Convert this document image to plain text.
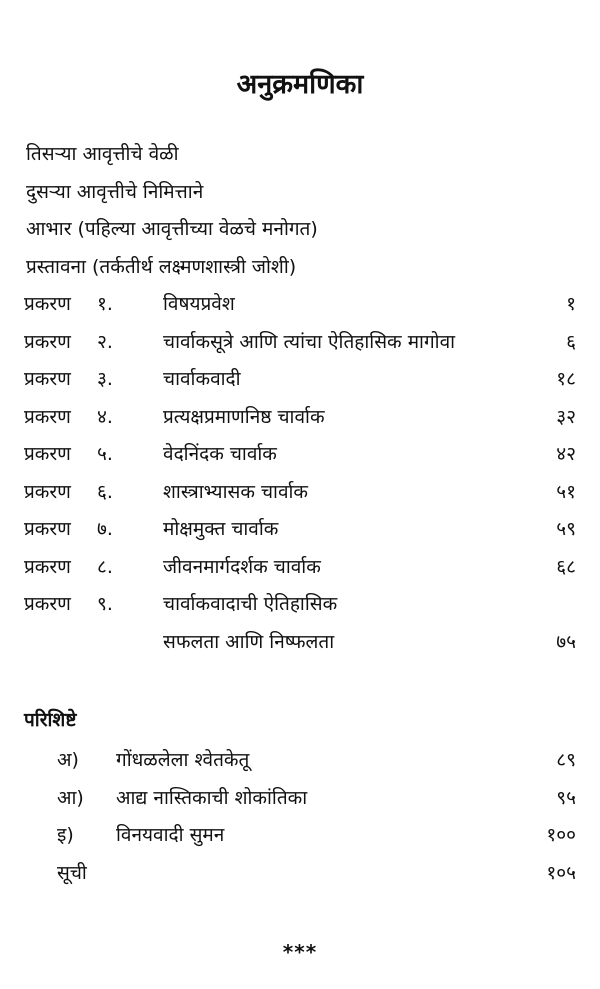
अनुक्रमणिका
तिसऱ्या आवृत्तीचे वेळी
दुसऱ्या आवृत्तीचे निमित्ताने
आभार (पहिल्या आवृत्तीच्या वेळचे मनोगत)
प्रस्तावना (तर्कतीर्थ लक्ष्मणशास्त्री जोशी)
प्रकरण १.	विषयप्रवेश	१
प्रकरण २.	चार्वाकसूत्रे आणि त्यांचा ऐतिहासिक मागोवा	६
प्रकरण ३.	चार्वाकवादी	१८
प्रकरण ४.	प्रत्यक्षप्रमाणनिष्ठ चार्वाक	३२
प्रकरण ५.	वेदनिंदक चार्वाक	४२
प्रकरण ६.	शास्त्राभ्यासक चार्वाक	५१
प्रकरण ७.	मोक्षमुक्त चार्वाक	५९
प्रकरण ८.	जीवनमार्गदर्शक चार्वाक	६८
प्रकरण ९.	चार्वाकवादाची ऐतिहासिक
सफलता आणि निष्फलता	७५
परिशिष्टे
अ) गोंधळलेला श्वेतकेतू	८९
आ) आद्य नास्तिकाची शोकांतिका	९५
इ) विनयवादी सुमन	१००
सूची	१०५
***
